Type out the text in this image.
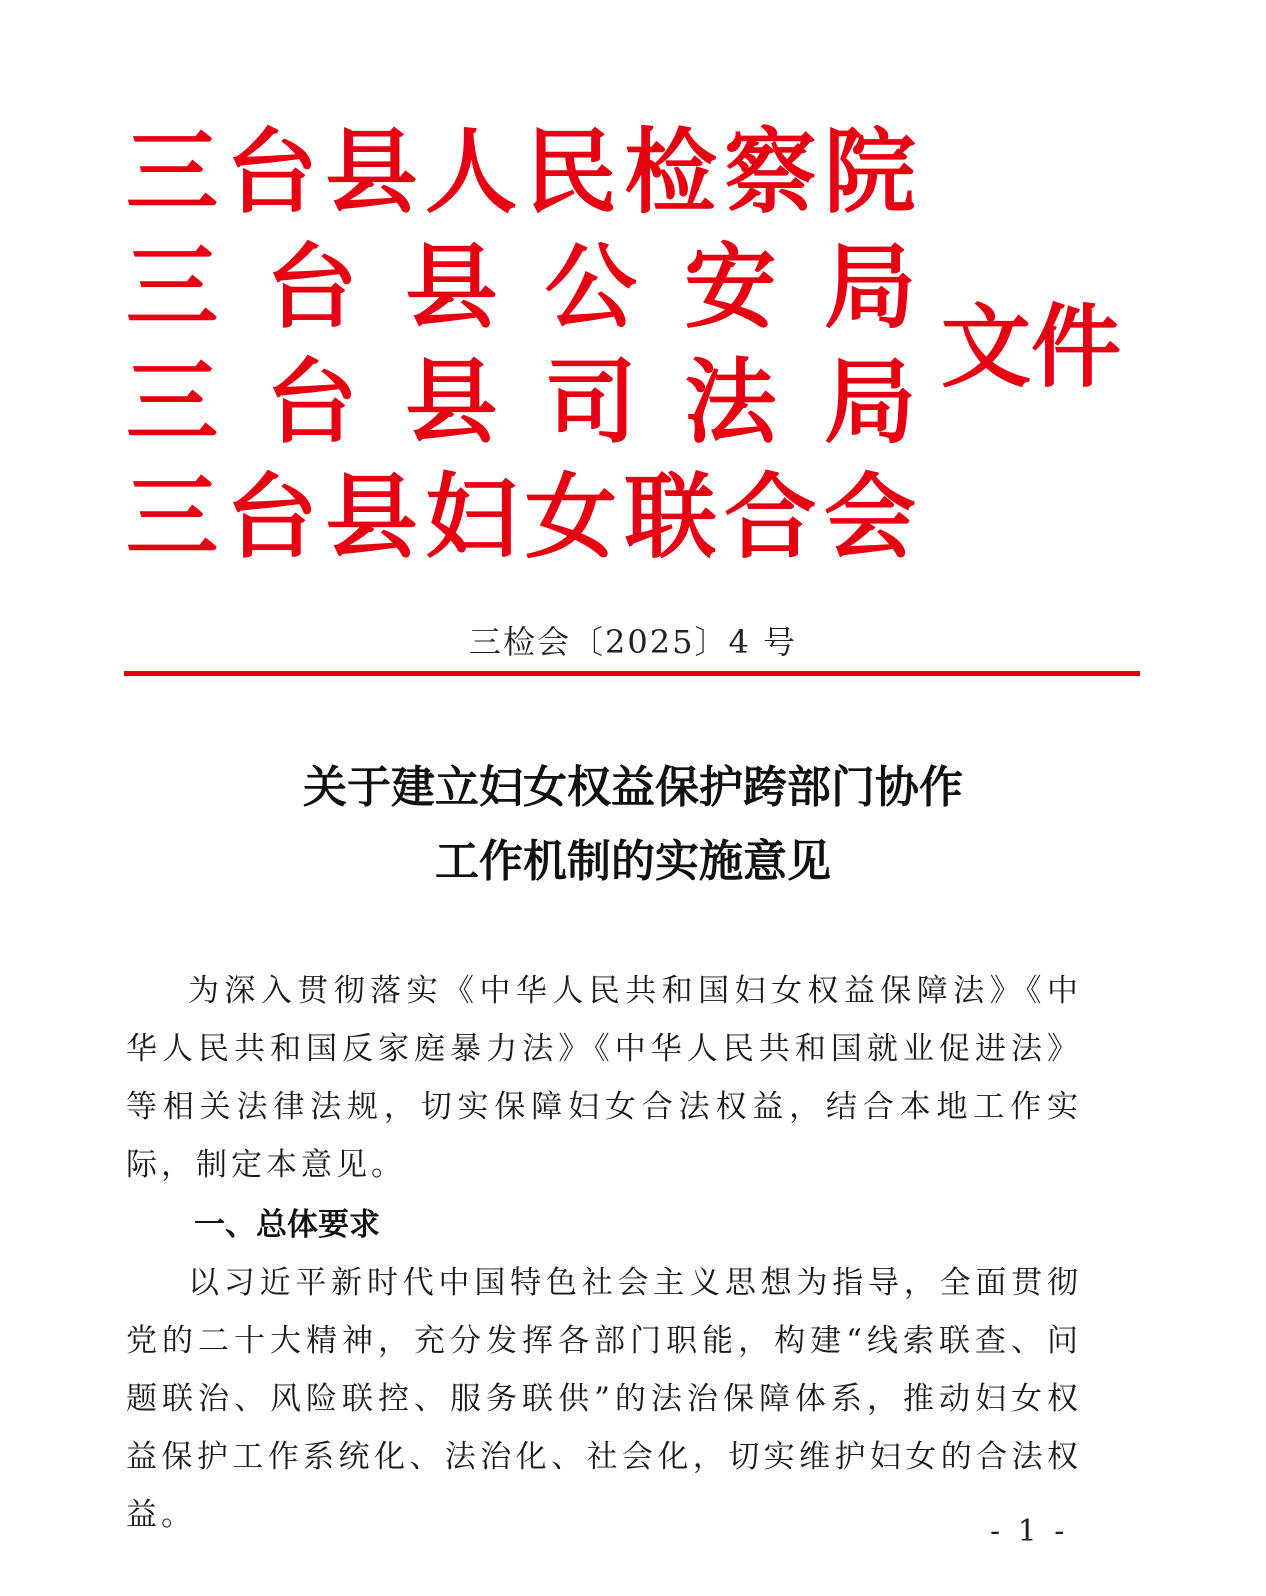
三 台 县 人 民 检 察 院
三 台 县 公 安 局
三 台 县 司 法 局
三 台 县 妇 女 联 合 会
文件
三检会〔2025〕4 号
关于建立妇女权益保护跨部门协作
工作机制的实施意见

为深入贯彻落实《中华人民共和国妇女权益保障法》《中华人民共和国反家庭暴力法》《中华人民共和国就业促进法》等相关法律法规，切实保障妇女合法权益，结合本地工作实际，制定本意见。

一、总体要求

以习近平新时代中国特色社会主义思想为指导，全面贯彻党的二十大精神，充分发挥各部门职能，构建“线索联查、问题联治、风险联控、服务联供”的法治保障体系，推动妇女权益保护工作系统化、法治化、社会化，切实维护妇女的合法权益。	- 1 -
